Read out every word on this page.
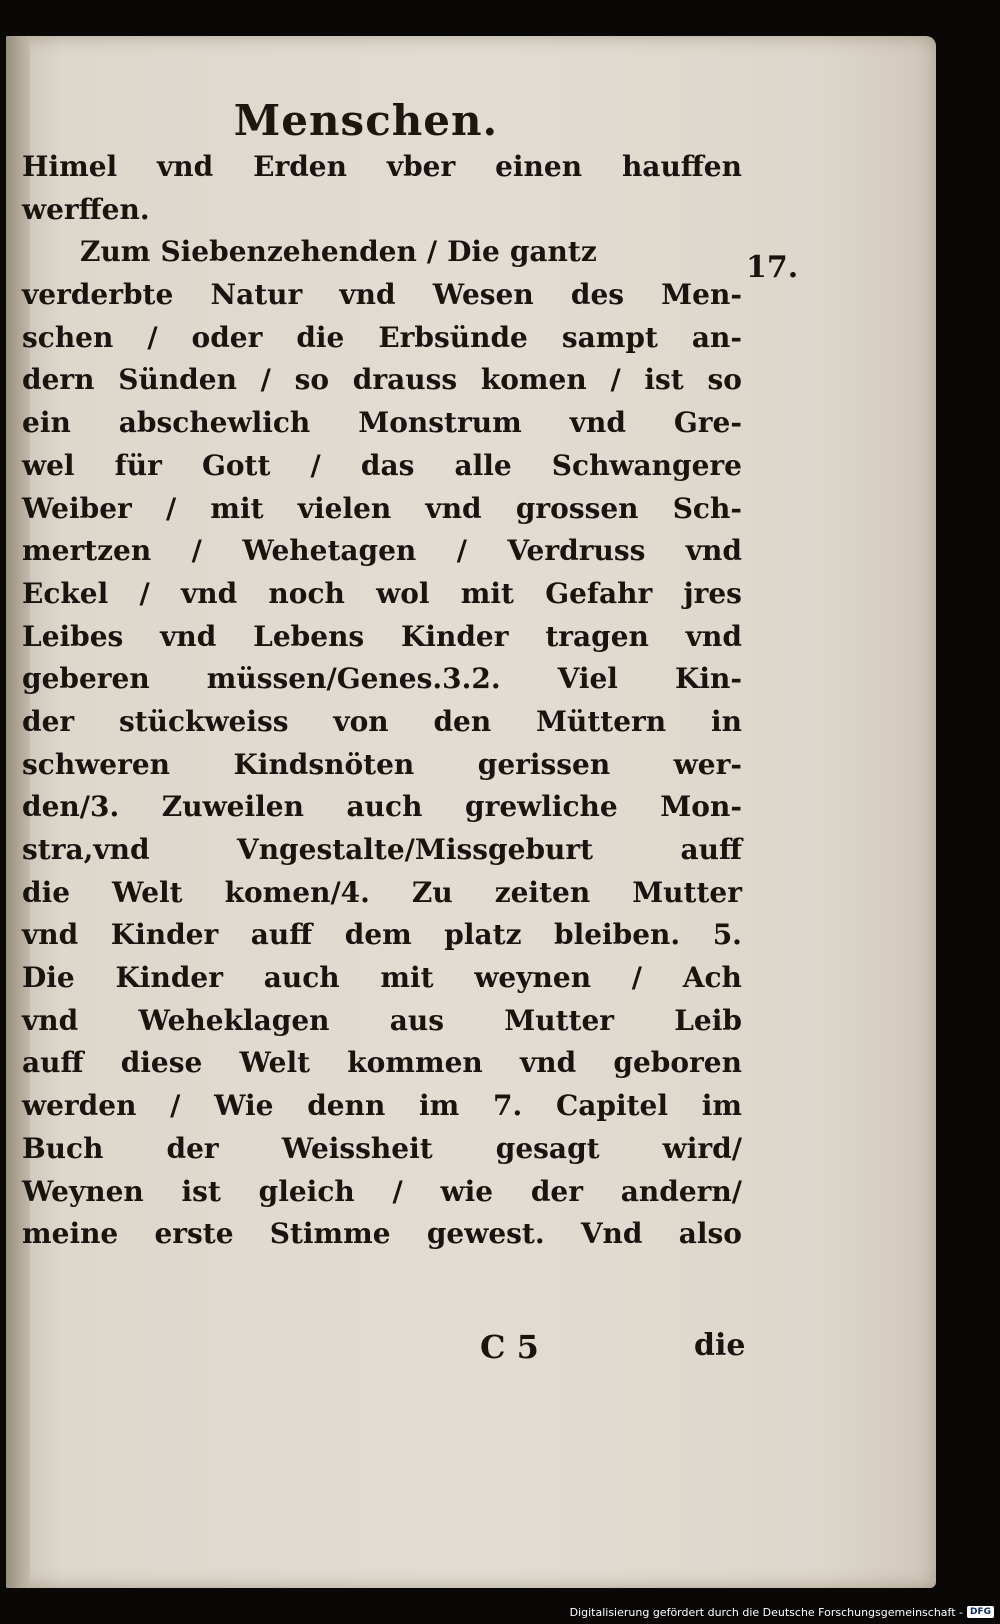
Menschen.
Himel vnd Erden vber einen hauffen
werffen.
Zum Siebenzehenden / Die gantz
verderbte Natur vnd Wesen des Men-
schen / oder die Erbsünde sampt an-
dern Sünden / so drauss komen / ist so
ein abschewlich Monstrum vnd Gre-
wel für Gott / das alle Schwangere
Weiber / mit vielen vnd grossen Sch-
mertzen / Wehetagen / Verdruss vnd
Eckel / vnd noch wol mit Gefahr jres
Leibes vnd Lebens Kinder tragen vnd
geberen müssen/Genes.3.2. Viel Kin-
der stückweiss von den Müttern in
schweren Kindsnöten gerissen wer-
den/3. Zuweilen auch grewliche Mon-
stra,vnd	Vngestalte/Missgeburt	auff
die Welt komen/4. Zu zeiten Mutter
vnd Kinder auff dem platz bleiben. 5.
Die Kinder auch mit weynen / Ach
vnd Weheklagen aus Mutter Leib
auff diese Welt kommen vnd geboren
werden / Wie denn im 7. Capitel im
Buch der Weissheit gesagt wird/
Weynen ist gleich / wie der andern/
meine erste Stimme gewest. Vnd also
17.
C 5	die
Digitalisierung gefördert durch die Deutsche Forschungsgemeinschaft - DFG
